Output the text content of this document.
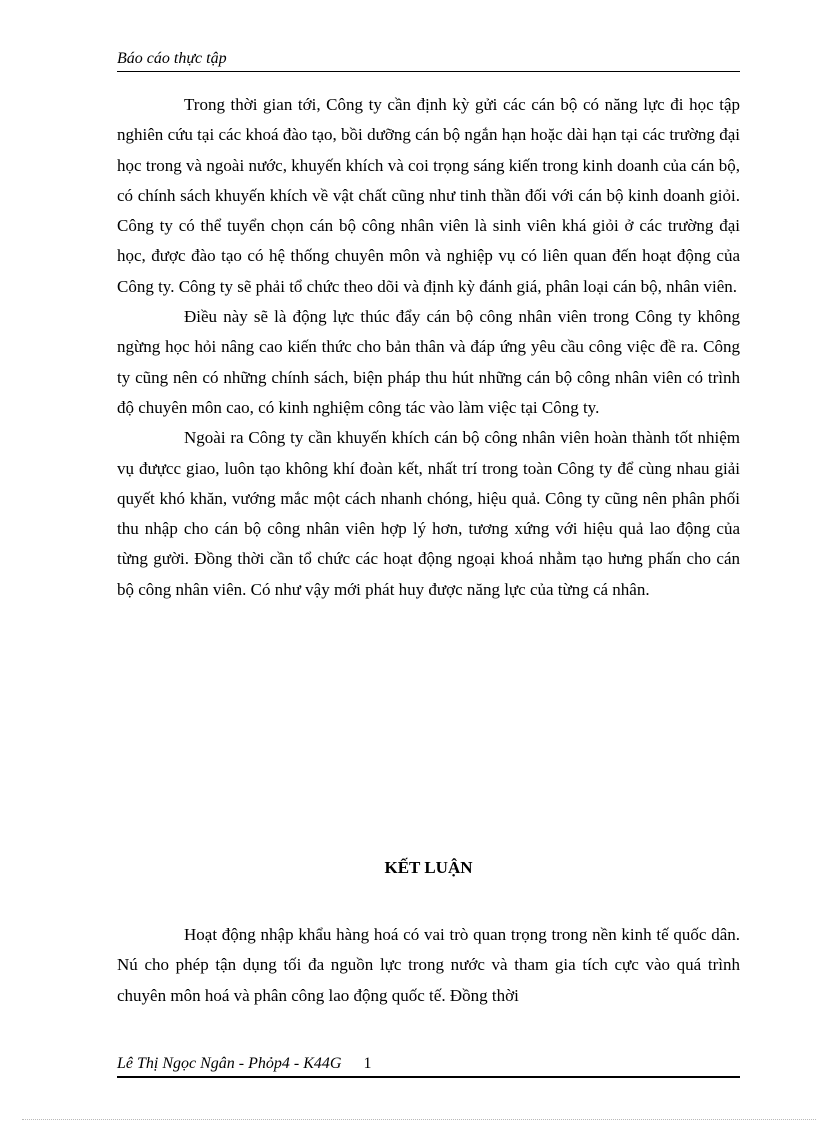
Báo cáo thực tập

Trong thời gian tới, Công ty cần định kỳ gửi các cán bộ có năng lực đi học tập nghiên cứu tại các khoá đào tạo, bồi dưỡng cán bộ ngắn hạn hoặc dài hạn tại các trường đại học trong và ngoài nước, khuyến khích và coi trọng sáng kiến trong kinh doanh của cán bộ, có chính sách khuyến khích về vật chất cũng như tinh thần đối với cán bộ kinh doanh giỏi. Công ty có thể tuyển chọn cán bộ công nhân viên là sinh viên khá giỏi ở các trường đại học, được đào tạo có hệ thống chuyên môn và nghiệp vụ có liên quan đến hoạt động của Công ty. Công ty sẽ phải tổ chức theo dõi và định kỳ đánh giá, phân loại cán bộ, nhân viên.

Điều này sẽ là động lực thúc đẩy cán bộ công nhân viên trong Công ty không ngừng học hỏi nâng cao kiến thức cho bản thân và đáp ứng yêu cầu công việc đề ra. Công ty cũng nên có những chính sách, biện pháp thu hút những cán bộ công nhân viên có trình độ chuyên môn cao, có kinh nghiệm công tác vào làm việc tại Công ty.

Ngoài ra Công ty cần khuyến khích cán bộ công nhân viên hoàn thành tốt nhiệm vụ đưựcc giao, luôn tạo không khí đoàn kết, nhất trí trong toàn Công ty để cùng nhau giải quyết khó khăn, vướng mắc một cách nhanh chóng, hiệu quả. Công ty cũng nên phân phối thu nhập cho cán bộ công nhân viên hợp lý hơn, tương xứng với hiệu quả lao động của từng gười. Đồng thời cần tổ chức các hoạt động ngoại khoá nhằm tạo hưng phấn cho cán bộ công nhân viên. Có như vậy mới phát huy được năng lực của từng cá nhân.

KẾT LUẬN

Hoạt động nhập khẩu hàng hoá có vai trò quan trọng trong nền kinh tế quốc dân. Nú cho phép tận dụng tối đa nguồn lực trong nước và tham gia tích cực vào quá trình chuyên môn hoá và phân công lao động quốc tế. Đồng thời

Lê Thị Ngọc Ngân - Phỏp4 - K44G 1
